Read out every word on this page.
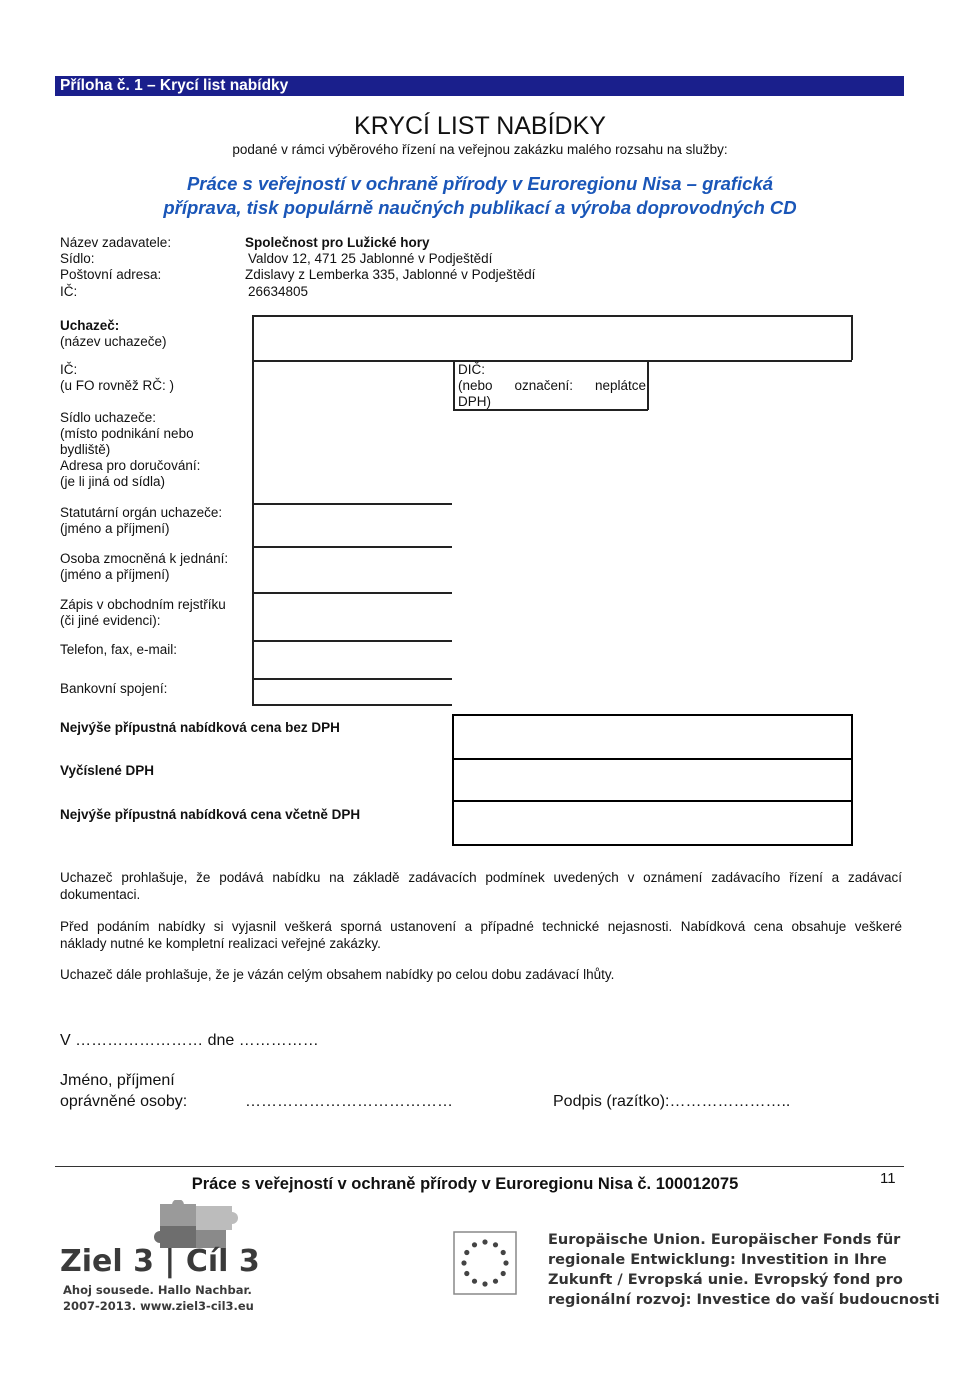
Příloha č. 1 – Krycí list nabídky
KRYCÍ LIST NABÍDKY
podané v rámci výběrového řízení na veřejnou zakázku malého rozsahu na služby:
Práce s veřejností v ochraně přírody v Euroregionu Nisa – grafická
příprava, tisk populárně naučných publikací a výroba doprovodných CD
Název zadavatele:	Společnost pro Lužické hory
Sídlo:	Valdov 12, 471 25 Jablonné v Podještědí
Poštovní adresa:	Zdislavy z Lemberka 335, Jablonné v Podještědí
IČ:	26634805
Uchazeč:
(název uchazeče)
IČ:
(u FO rovněž RČ: )
DIČ:
(nebo označení: neplátce
DPH)
Sídlo uchazeče:
(místo podnikání nebo
bydliště)
Adresa pro doručování:
(je li jiná od sídla)
Statutární orgán uchazeče:
(jméno a příjmení)
Osoba zmocněná k jednání:
(jméno a příjmení)
Zápis v obchodním rejstříku
(či jiné evidenci):
Telefon, fax, e-mail:
Bankovní spojení:
Nejvýše přípustná nabídková cena bez DPH
Vyčíslené DPH
Nejvýše přípustná nabídková cena včetně DPH
Uchazeč prohlašuje, že podává nabídku na základě zadávacích podmínek uvedených v oznámení zadávacího řízení a zadávací
dokumentaci.
Před podáním nabídky si vyjasnil veškerá sporná ustanovení a případné technické nejasnosti. Nabídková cena obsahuje veškeré
náklady nutné ke kompletní realizaci veřejné zakázky.
Uchazeč dále prohlašuje, že je vázán celým obsahem nabídky po celou dobu zadávací lhůty.
V …………………… dne ……………
Jméno, příjmení
oprávněné osoby:	…………………………………	Podpis (razítko):…………………..
Práce s veřejností v ochraně přírody v Euroregionu Nisa č. 100012075	11
Ziel 3 | Cíl 3
Ahoj sousede. Hallo Nachbar.
2007-2013. www.ziel3-cil3.eu
Europäische Union. Europäischer Fonds für
regionale Entwicklung: Investition in Ihre
Zukunft / Evropská unie. Evropský fond pro
regionální rozvoj: Investice do vaší budoucnosti
